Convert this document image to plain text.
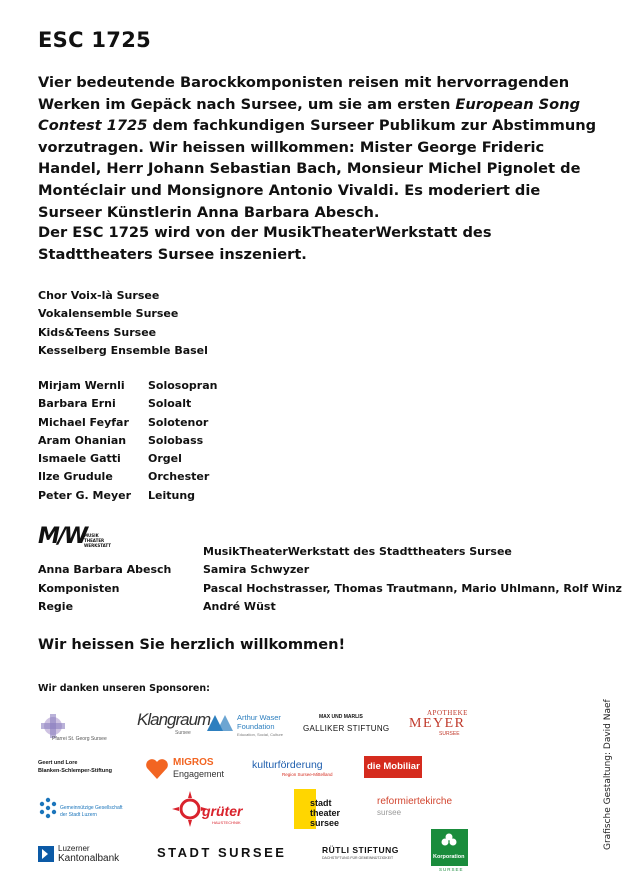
ESC 1725
Vier bedeutende Barockkomponisten reisen mit hervorragenden Werken im Gepäck nach Sursee, um sie am ersten European Song Contest 1725 dem fachkundigen Surseer Publikum zur Abstimmung vorzutragen. Wir heissen willkommen: Mister George Frideric Handel, Herr Johann Sebastian Bach, Monsieur Michel Pignolet de Montéclair und Monsignore Antonio Vivaldi. Es moderiert die Surseer Künstlerin Anna Barbara Abesch.
Der ESC 1725 wird von der MusikTheaterWerkstatt des Stadttheaters Sursee inszeniert.
Chor Voix-là Sursee
Vokalensemble Sursee
Kids&Teens Sursee
Kesselberg Ensemble Basel
Mirjam Wernli Solosopran
Barbara Erni	Soloalt
Michael Feyfar Solotenor
Aram Ohanian Solobass
Ismaele Gatti Orgel
Ilze Grudule	Orchester
Peter G. Meyer Leitung
M/W
MUSIK
THEATER
WERKSTATT	MusikTheaterWerkstatt des Stadttheaters Sursee
Anna Barbara Abesch	Samira Schwyzer
Komponisten	Pascal Hochstrasser, Thomas Trautmann, Mario Uhlmann, Rolf Winz
Regie	André Wüst
Wir heissen Sie herzlich willkommen!
Wir danken unseren Sponsoren:
Grafische Gestaltung: David Naef
Pfarrei St. Georg Sursee
Klangraum
Sursee
Arthur Waser
Foundation
Education, Social, Culture
MAX UND MARLIS
GALLIKER STIFTUNG
APOTHEKE
MEYER
SURSEE
Geert und Lore
Blanken-Schlemper-Stiftung
MIGROS
Engagement
kulturförderung
Region Sursee-Mittelland
die Mobiliar
Gemeinnützige Gesellschaft
der Stadt Luzern	grüter
HAUSTECHNIK
stadt
theater
sursee
reformiertekirche
sursee
Luzerner
Kantonalbank	STADT SURSEE	RÜTLI STIFTUNG
DACHSTIFTUNG FÜR GEMEINNÜTZIGKEIT	Korporation
SURSEE
